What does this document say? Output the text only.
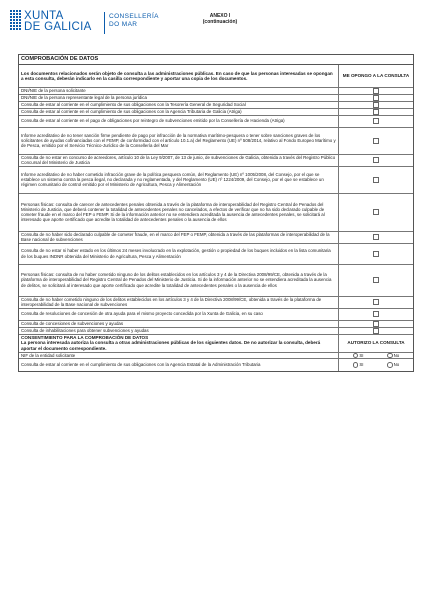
XUNTA
DE GALICIA
CONSELLERÍA
DO MAR
ANEXO I
(continuación)
COMPROBACIÓN DE DATOS
Los documentos relacionados serán objeto de consulta a las administraciones públicas. En caso de que las personas interesadas se opongan a esta consulta, deberán indicarlo en la casilla correspondiente y aportar una copia de los documentos.	ME OPONGO A LA CONSULTA
DNI/NIE de la persona solicitante	
DNI/NIE de la persona representante legal de la persona jurídica	
Consulta de estar al corriente en el cumplimiento de sus obligaciones con la Tesorería General de Seguridad Social	
Consulta de estar al corriente en el cumplimiento de sus obligaciones con la Agencia Tributaria de Galicia (Atriga)	
Consulta de estar al corriente en el pago de obligaciones por reintegro de subvenciones emitido por la Consellería de Hacienda (Atriga)	
Informe acreditativo de no tener sanción firme pendiente de pago por infracción de la normativa marítimo-pesquera o tener sobre sanciones graves de los solicitantes de ayudas cofinanciadas con el FEMP, de conformidad con el artículo 10.1.a) del Reglamento (UE) nº 508/2014, relativo al Fondo Europeo Marítimo y de Pesca, emitido por el Servicio Técnico-Jurídico de la Consellería del Mar	
Consulta de no estar en concurso de acreedores, artículo 10 de la Ley 9/2007, de 13 de junio, de subvenciones de Galicia, obtenida a través del Registro Público Concursal del Ministerio de Justicia	
Informe acreditativo de no haber cometido infracción grave de la política pesquera común, del Reglamento (UE) nº 1005/2008, del Consejo, por el que se establece un sistema contra la pesca ilegal, no declarada y no reglamentada, y del Reglamento (UE) nº 1224/2009, del Consejo, por el que se establece un régimen comunitario de control emitido por el Ministerio de Agricultura, Pesca y Alimentación	
Personas físicas: consulta de carecer de antecedentes penales obtenida a través de la plataforma de interoperabilidad del Registro Central de Penados del Ministerio de Justicia, que deberá contener la totalidad de antecedentes penales no cancelados, a efectos de verificar que no ha sido declarado culpable de cometer fraude en el marco del FEP o FEMP. Si de la información anterior no se entendiera acreditada la ausencia de antecedentes penales, se solicitará al interesado que aporte certificado que acredite la totalidad de antecedentes penales o la ausencia de ellos	
Consulta de no haber sido declarado culpable de cometer fraude, en el marco del FEP o FEMP, obtenida a través de las plataformas de interoperabilidad de la Base nacional de subvenciones	
Consulta de no estar ni haber estado en los últimos 24 meses involucrado en la explotación, gestión o propiedad de los buques incluidos en la lista comunitaria de los buques INDNR obtenida del Ministerio de Agricultura, Pesca y Alimentación	
Personas físicas: consulta de no haber cometido ninguno de los delitos establecidos en los artículos 3 y 4 de la Directiva 2008/99/CE, obtenida a través de la plataforma de interoperabilidad del Registro Central de Penados del Ministerio de Justicia. Si de la información anterior no se entendiera acreditada la ausencia de delitos, se solicitará al interesado que aporte certificado que acredite la totalidad de antecedentes penales o la ausencia de ellos	
Consulta de no haber cometido ninguno de los delitos establecidos en los artículos 3 y 4 de la Directiva 2008/99/CE, obtenida a través de la plataforma de interoperabilidad de la Base nacional de subvenciones	
Consulta de resoluciones de concesión de otra ayuda para el mismo proyecto concedida por la Xunta de Galicia, en su caso	
Consulta de concesiones de subvenciones y ayudas	
Consulta de inhabilitaciones para obtener subvenciones y ayudas	

CONSENTIMIENTO PARA LA COMPROBACIÓN DE DATOS
La persona interesada autoriza la consulta a otras administraciones públicas de los siguientes datos. De no autorizar la consulta, deberá aportar el documento correspondiente.	AUTORIZO LA CONSULTA
NIF de la entidad solicitante	SI No

Consulta de estar al corriente en el cumplimiento de sus obligaciones con la Agencia Estatal de la Administración Tributaria	SI No
